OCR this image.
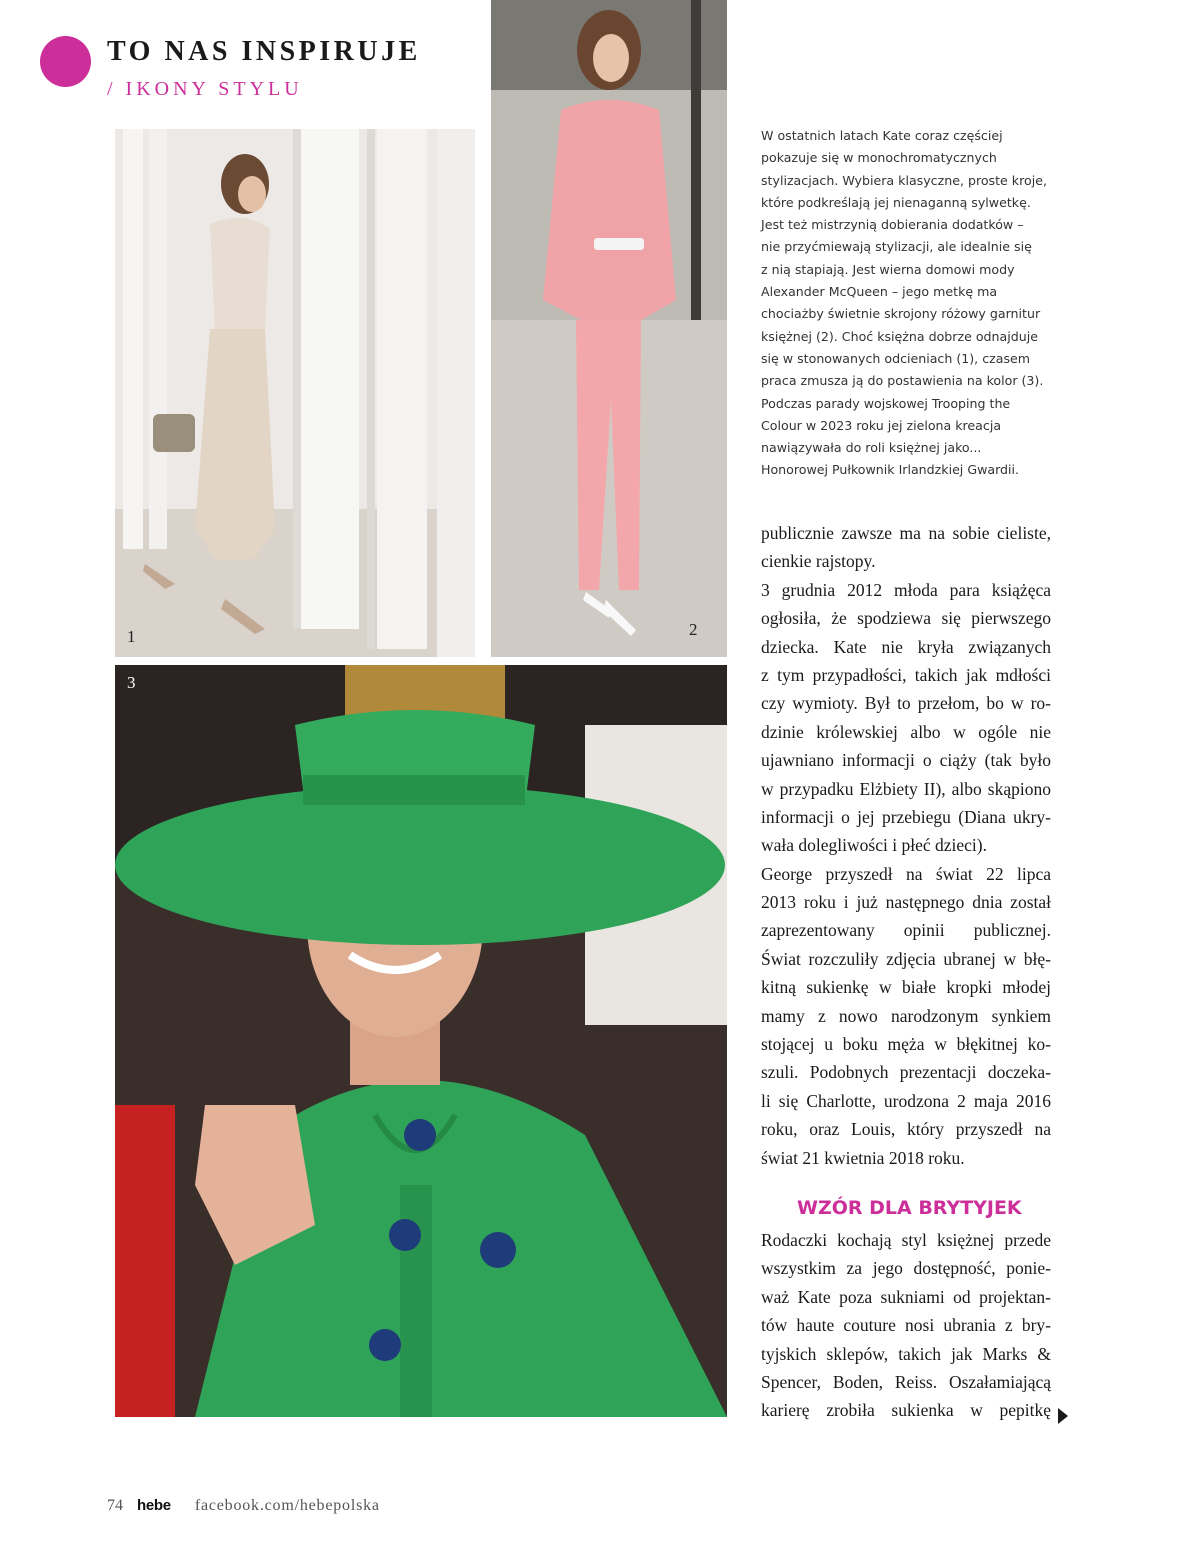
TO NAS INSPIRUJE
/ IKONY STYLU
1	2
3
W ostatnich latach Kate coraz częściej
pokazuje się w monochromatycznych
stylizacjach. Wybiera klasyczne, proste kroje,
które podkreślają jej nienaganną sylwetkę.
Jest też mistrzynią dobierania dodatków –
nie przyćmiewają stylizacji, ale idealnie się
z nią stapiają. Jest wierna domowi mody
Alexander McQueen – jego metkę ma
chociażby świetnie skrojony różowy garnitur
księżnej (2). Choć księżna dobrze odnajduje
się w stonowanych odcieniach (1), czasem
praca zmusza ją do postawienia na kolor (3).
Podczas parady wojskowej Trooping the
Colour w 2023 roku jej zielona kreacja
nawiązywała do roli księżnej jako...
Honorowej Pułkownik Irlandzkiej Gwardii.
publicznie zawsze ma na sobie cieliste,
cienkie rajstopy.
3 grudnia 2012 młoda para książęca
ogłosiła, że spodziewa się pierwszego
dziecka. Kate nie kryła związanych
z tym przypadłości, takich jak mdłości
czy wymioty. Był to przełom, bo w ro-
dzinie królewskiej albo w ogóle nie
ujawniano informacji o ciąży (tak było
w przypadku Elżbiety II), albo skąpiono
informacji o jej przebiegu (Diana ukry-
wała dolegliwości i płeć dzieci).
George przyszedł na świat 22 lipca
2013 roku i już następnego dnia został
zaprezentowany opinii publicznej.
Świat rozczuliły zdjęcia ubranej w błę-
kitną sukienkę w białe kropki młodej
mamy z nowo narodzonym synkiem
stojącej u boku męża w błękitnej ko-
szuli. Podobnych prezentacji doczeka-
li się Charlotte, urodzona 2 maja 2016
roku, oraz Louis, który przyszedł na
świat 21 kwietnia 2018 roku.
WZÓR DLA BRYTYJEK
Rodaczki kochają styl księżnej przede
wszystkim za jego dostępność, ponie-
waż Kate poza sukniami od projektan-
tów haute couture nosi ubrania z bry-
tyjskich sklepów, takich jak Marks &
Spencer, Boden, Reiss. Oszałamiającą
karierę zrobiła sukienka w pepitkę
74 hebe facebook.com/hebepolska
